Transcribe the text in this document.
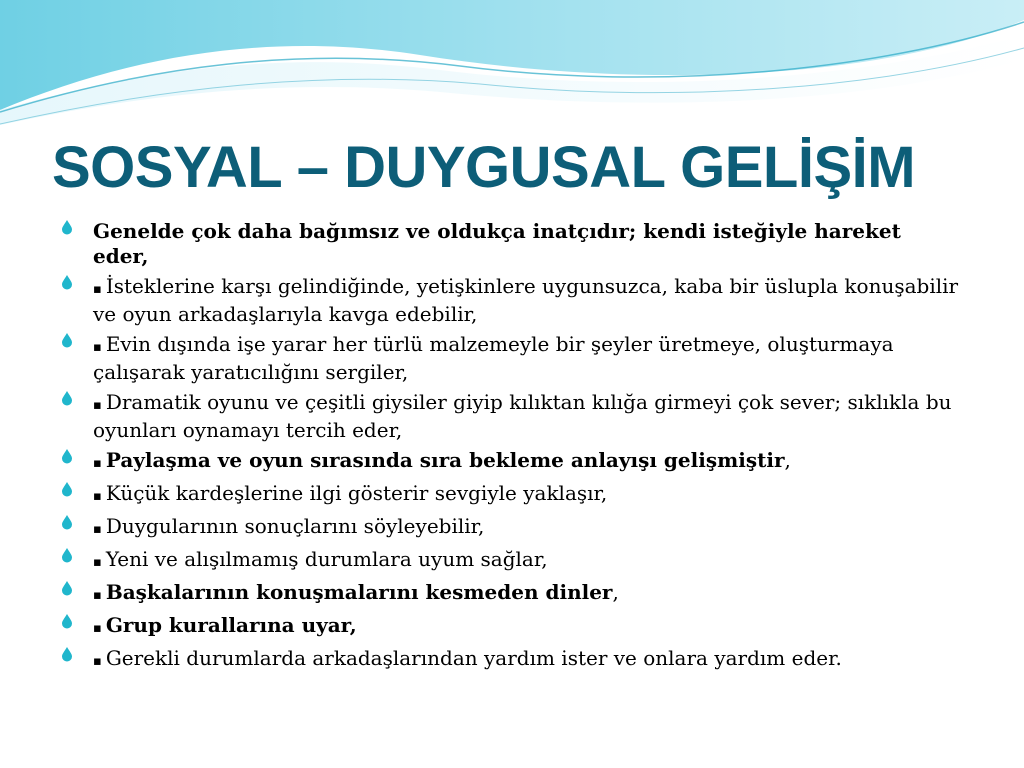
SOSYAL – DUYGUSAL GELİŞİM
Genelde çok daha bağımsız ve oldukça inatçıdır; kendi isteğiyle hareket eder,
▪ İsteklerine karşı gelindiğinde, yetişkinlere uygunsuzca, kaba bir üslupla konuşabilir ve oyun arkadaşlarıyla kavga edebilir,
▪ Evin dışında işe yarar her türlü malzemeyle bir şeyler üretmeye, oluşturmaya çalışarak yaratıcılığını sergiler,
▪ Dramatik oyunu ve çeşitli giysiler giyip kılıktan kılığa girmeyi çok sever; sıklıkla bu oyunları oynamayı tercih eder,
▪ Paylaşma ve oyun sırasında sıra bekleme anlayışı gelişmiştir,
▪ Küçük kardeşlerine ilgi gösterir sevgiyle yaklaşır,
▪ Duygularının sonuçlarını söyleyebilir,
▪ Yeni ve alışılmamış durumlara uyum sağlar,
▪ Başkalarının konuşmalarını kesmeden dinler,
▪ Grup kurallarına uyar,
▪ Gerekli durumlarda arkadaşlarından yardım ister ve onlara yardım eder.
